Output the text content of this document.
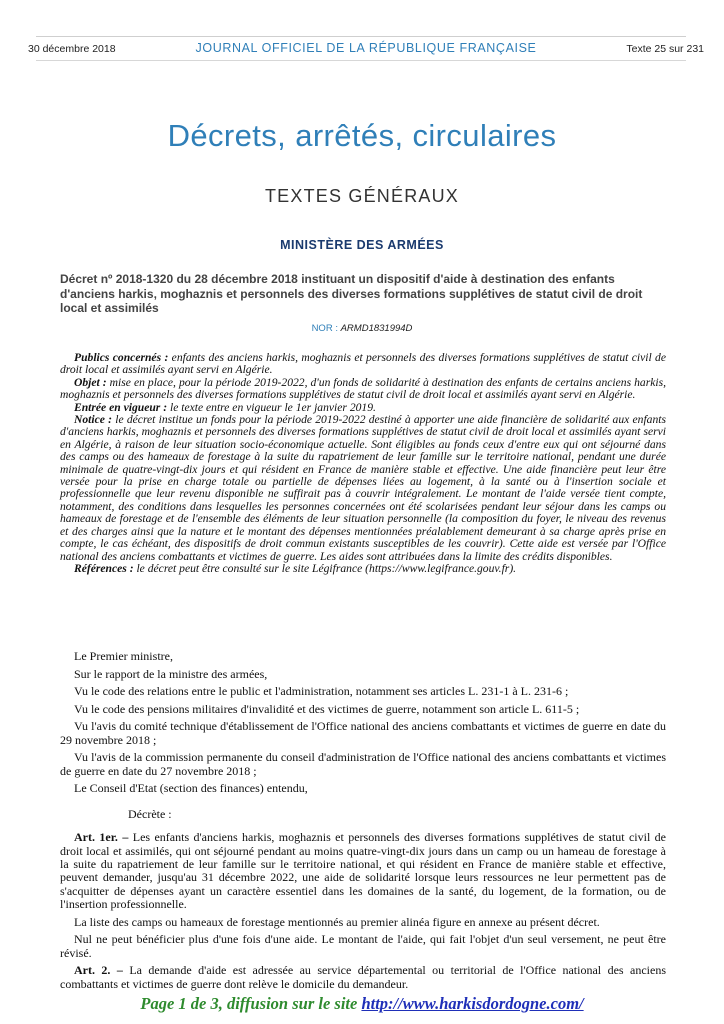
30 décembre 2018	JOURNAL OFFICIEL DE LA RÉPUBLIQUE FRANÇAISE	Texte 25 sur 231
Décrets, arrêtés, circulaires
TEXTES GÉNÉRAUX
MINISTÈRE DES ARMÉES
Décret nº 2018-1320 du 28 décembre 2018 instituant un dispositif d'aide à destination des enfants d'anciens harkis, moghaznis et personnels des diverses formations supplétives de statut civil de droit local et assimilés
NOR : ARMD1831994D

Publics concernés : enfants des anciens harkis, moghaznis et personnels des diverses formations supplétives de statut civil de droit local et assimilés ayant servi en Algérie.

Objet : mise en place, pour la période 2019-2022, d'un fonds de solidarité à destination des enfants de certains anciens harkis, moghaznis et personnels des diverses formations supplétives de statut civil de droit local et assimilés ayant servi en Algérie.

Entrée en vigueur : le texte entre en vigueur le 1er janvier 2019.

Notice : le décret institue un fonds pour la période 2019-2022 destiné à apporter une aide financière de solidarité aux enfants d'anciens harkis, moghaznis et personnels des diverses formations supplétives de statut civil de droit local et assimilés ayant servi en Algérie, à raison de leur situation socio-économique actuelle. Sont éligibles au fonds ceux d'entre eux qui ont séjourné dans des camps ou des hameaux de forestage à la suite du rapatriement de leur famille sur le territoire national, pendant une durée minimale de quatre-vingt-dix jours et qui résident en France de manière stable et effective. Une aide financière peut leur être versée pour la prise en charge totale ou partielle de dépenses liées au logement, à la santé ou à l'insertion sociale et professionnelle que leur revenu disponible ne suffirait pas à couvrir intégralement. Le montant de l'aide versée tient compte, notamment, des conditions dans lesquelles les personnes concernées ont été scolarisées pendant leur séjour dans les camps ou hameaux de forestage et de l'ensemble des éléments de leur situation personnelle (la composition du foyer, le niveau des revenus et des charges ainsi que la nature et le montant des dépenses mentionnées préalablement demeurant à sa charge après prise en compte, le cas échéant, des dispositifs de droit commun existants susceptibles de les couvrir). Cette aide est versée par l'Office national des anciens combattants et victimes de guerre. Les aides sont attribuées dans la limite des crédits disponibles.

Références : le décret peut être consulté sur le site Légifrance (https://www.legifrance.gouv.fr).

Le Premier ministre,

Sur le rapport de la ministre des armées,

Vu le code des relations entre le public et l'administration, notamment ses articles L. 231-1 à L. 231-6 ;

Vu le code des pensions militaires d'invalidité et des victimes de guerre, notamment son article L. 611-5 ;

Vu l'avis du comité technique d'établissement de l'Office national des anciens combattants et victimes de guerre en date du 29 novembre 2018 ;

Vu l'avis de la commission permanente du conseil d'administration de l'Office national des anciens combattants et victimes de guerre en date du 27 novembre 2018 ;

Le Conseil d'Etat (section des finances) entendu,

Décrète :

Art. 1er. – Les enfants d'anciens harkis, moghaznis et personnels des diverses formations supplétives de statut civil de droit local et assimilés, qui ont séjourné pendant au moins quatre-vingt-dix jours dans un camp ou un hameau de forestage à la suite du rapatriement de leur famille sur le territoire national, et qui résident en France de manière stable et effective, peuvent demander, jusqu'au 31 décembre 2022, une aide de solidarité lorsque leurs ressources ne leur permettent pas de s'acquitter de dépenses ayant un caractère essentiel dans les domaines de la santé, du logement, de la formation, ou de l'insertion professionnelle.

La liste des camps ou hameaux de forestage mentionnés au premier alinéa figure en annexe au présent décret.

Nul ne peut bénéficier plus d'une fois d'une aide. Le montant de l'aide, qui fait l'objet d'un seul versement, ne peut être révisé.

Art. 2. – La demande d'aide est adressée au service départemental ou territorial de l'Office national des anciens combattants et victimes de guerre dont relève le domicile du demandeur.

Page 1 de 3, diffusion sur le site http://www.harkisdordogne.com/
